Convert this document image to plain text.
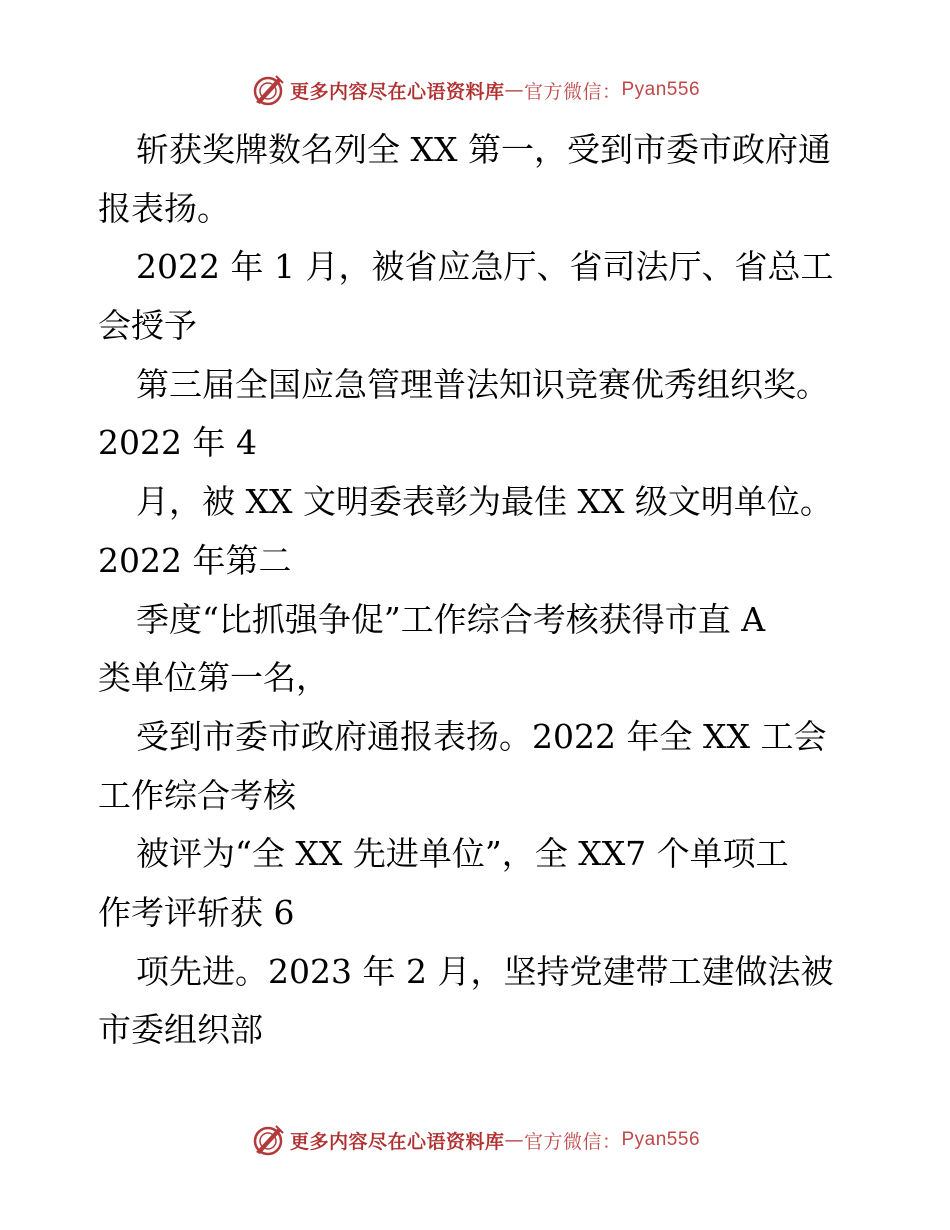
更多内容尽在心语资料库 — 官方微信： Pyan556
斩获奖牌数名列全 XX 第一，受到市委市政府通
报表扬。
2022 年 1 月，被省应急厅、省司法厅、省总工
会授予
第三届全国应急管理普法知识竞赛优秀组织奖。
2022 年 4
月，被 XX 文明委表彰为最佳 XX 级文明单位。
2022 年第二
季度“比抓强争促”工作综合考核获得市直 A
类单位第一名，
受到市委市政府通报表扬。2022 年全 XX 工会
工作综合考核
被评为“全 XX 先进单位”，全 XX7 个单项工
作考评斩获 6
项先进。2023 年 2 月，坚持党建带工建做法被
市委组织部
更多内容尽在心语资料库 — 官方微信： Pyan556
